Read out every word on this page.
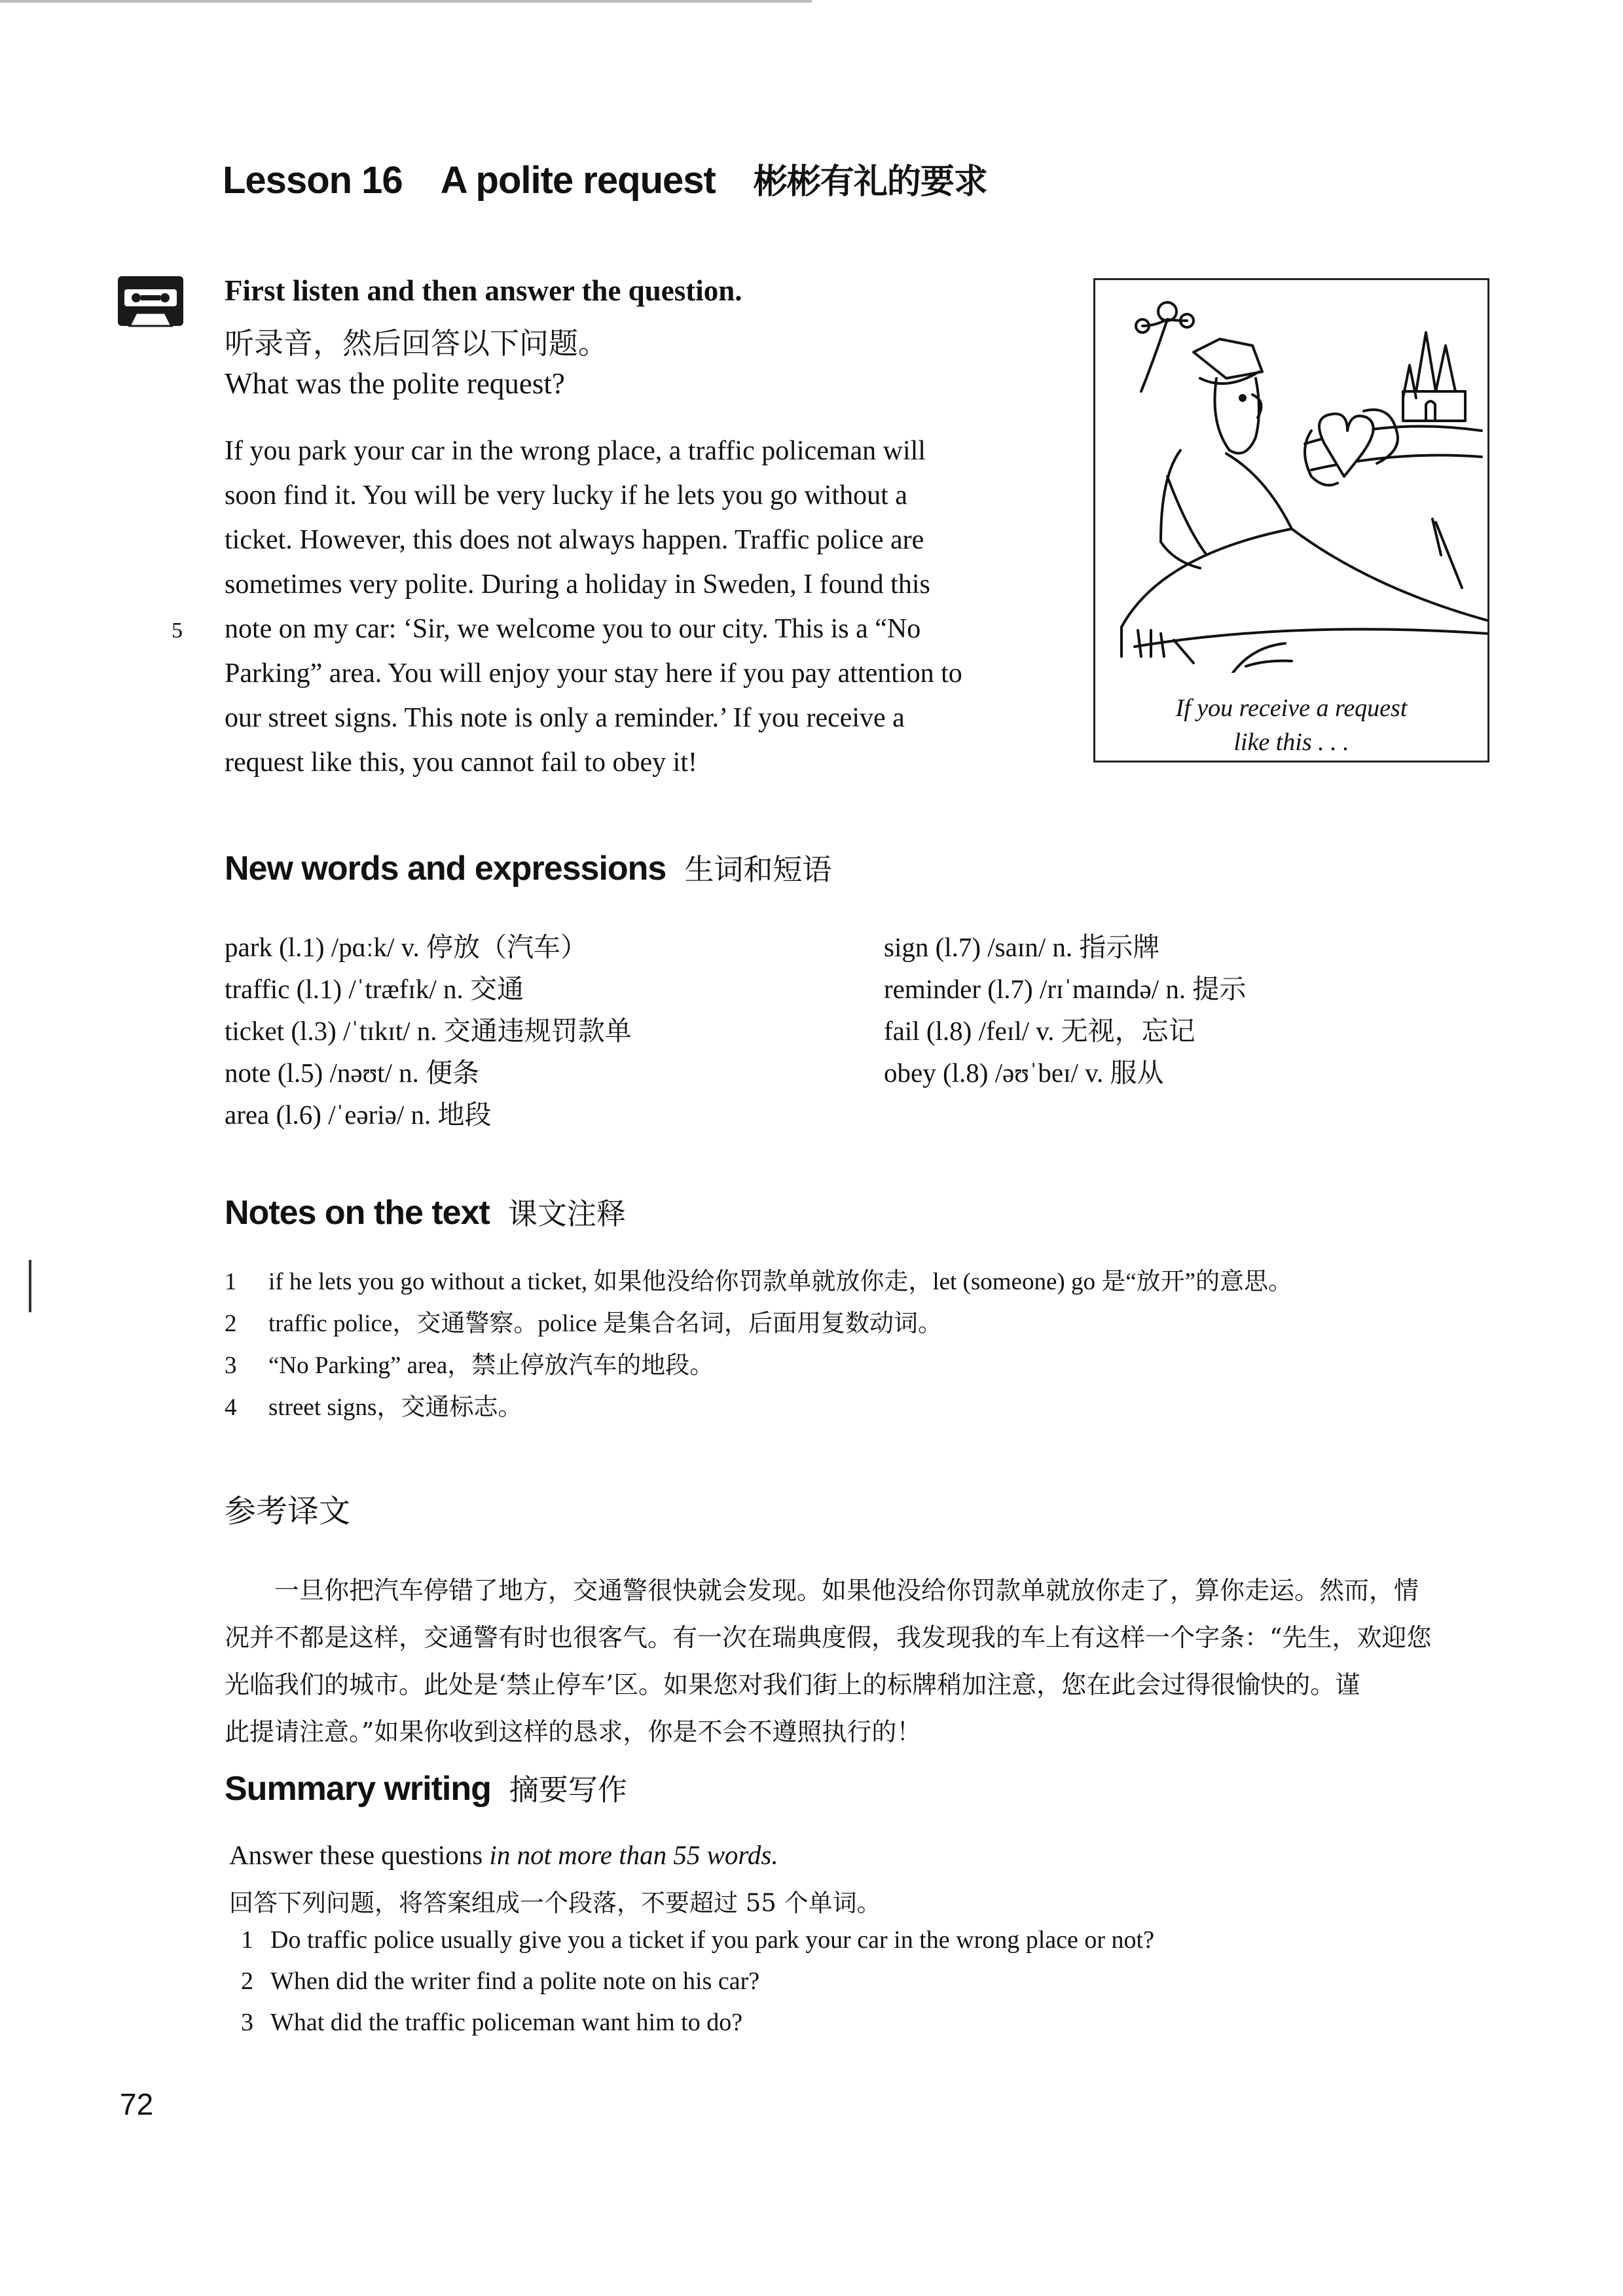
Lesson 16 A polite request 彬彬有礼的要求
First listen and then answer the question.
听录音，然后回答以下问题。
What was the polite request?
If you park your car in the wrong place, a traffic policeman will
soon find it. You will be very lucky if he lets you go without a
ticket. However, this does not always happen. Traffic police are
sometimes very polite. During a holiday in Sweden, I found this
note on my car: ‘Sir, we welcome you to our city. This is a “No
Parking” area. You will enjoy your stay here if you pay attention to
our street signs. This note is only a reminder.’ If you receive a
request like this, you cannot fail to obey it!
5
If you receive a request
like this . . .
New words and expressions 生词和短语
park (l.1) /pɑːk/ v. 停放（汽车）
traffic (l.1) /ˈtræfɪk/ n. 交通
ticket (l.3) /ˈtɪkɪt/ n. 交通违规罚款单
note (l.5) /nəʊt/ n. 便条
area (l.6) /ˈeəriə/ n. 地段
sign (l.7) /saɪn/ n. 指示牌
reminder (l.7) /rɪˈmaɪndə/ n. 提示
fail (l.8) /feɪl/ v. 无视，忘记
obey (l.8) /əʊˈbeɪ/ v. 服从
Notes on the text 课文注释
1 if he lets you go without a ticket, 如果他没给你罚款单就放你走，let (someone) go 是“放开”的意思。
2 traffic police，交通警察。police 是集合名词，后面用复数动词。
3 “No Parking” area，禁止停放汽车的地段。
4 street signs，交通标志。
参考译文
　　一旦你把汽车停错了地方，交通警很快就会发现。如果他没给你罚款单就放你走了，算你走运。然而，情
况并不都是这样，交通警有时也很客气。有一次在瑞典度假，我发现我的车上有这样一个字条：“先生，欢迎您
光临我们的城市。此处是‘禁止停车’区。如果您对我们街上的标牌稍加注意，您在此会过得很愉快的。谨
此提请注意。”如果你收到这样的恳求，你是不会不遵照执行的！
Summary writing 摘要写作
Answer these questions in not more than 55 words.
回答下列问题，将答案组成一个段落，不要超过 55 个单词。
1 Do traffic police usually give you a ticket if you park your car in the wrong place or not?
2 When did the writer find a polite note on his car?
3 What did the traffic policeman want him to do?
72
